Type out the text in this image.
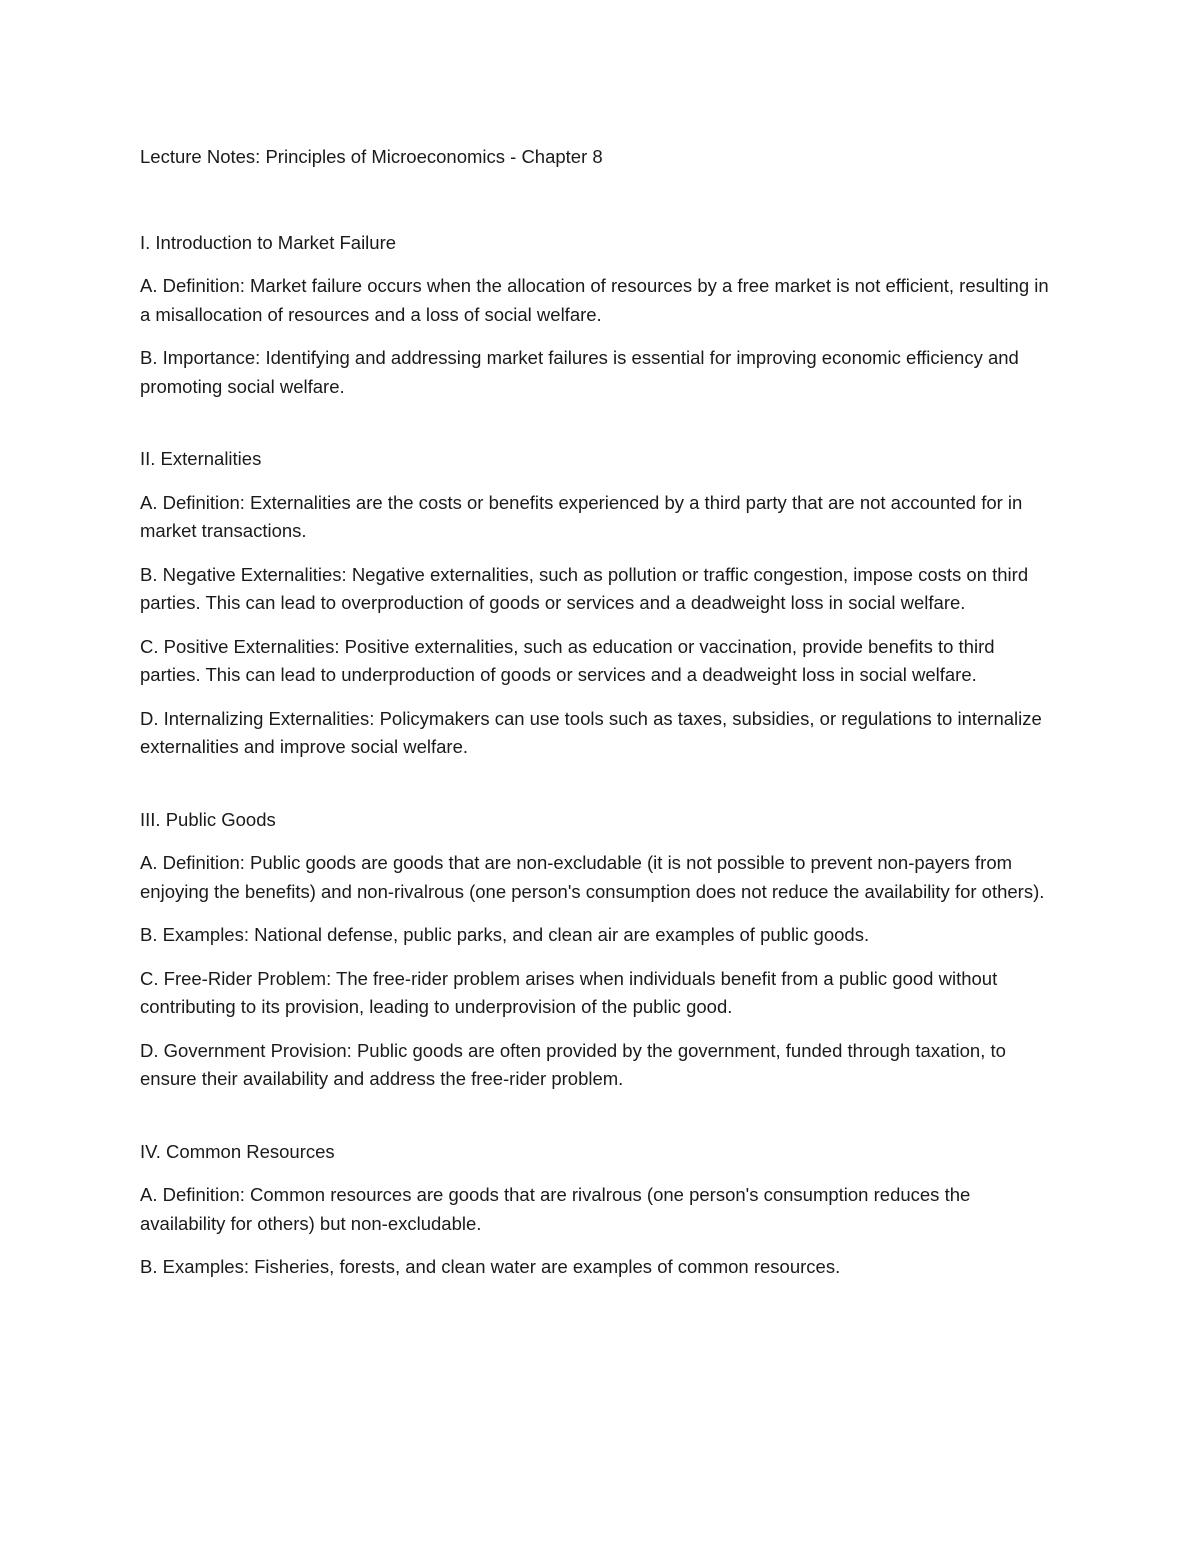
Lecture Notes: Principles of Microeconomics - Chapter 8

I. Introduction to Market Failure

A. Definition: Market failure occurs when the allocation of resources by a free market is not efficient, resulting in a misallocation of resources and a loss of social welfare.

B. Importance: Identifying and addressing market failures is essential for improving economic efficiency and promoting social welfare.

II. Externalities

A. Definition: Externalities are the costs or benefits experienced by a third party that are not accounted for in market transactions.

B. Negative Externalities: Negative externalities, such as pollution or traffic congestion, impose costs on third parties. This can lead to overproduction of goods or services and a deadweight loss in social welfare.

C. Positive Externalities: Positive externalities, such as education or vaccination, provide benefits to third parties. This can lead to underproduction of goods or services and a deadweight loss in social welfare.

D. Internalizing Externalities: Policymakers can use tools such as taxes, subsidies, or regulations to internalize externalities and improve social welfare.

III. Public Goods

A. Definition: Public goods are goods that are non-excludable (it is not possible to prevent non-payers from enjoying the benefits) and non-rivalrous (one person's consumption does not reduce the availability for others).

B. Examples: National defense, public parks, and clean air are examples of public goods.

C. Free-Rider Problem: The free-rider problem arises when individuals benefit from a public good without contributing to its provision, leading to underprovision of the public good.

D. Government Provision: Public goods are often provided by the government, funded through taxation, to ensure their availability and address the free-rider problem.

IV. Common Resources

A. Definition: Common resources are goods that are rivalrous (one person's consumption reduces the availability for others) but non-excludable.

B. Examples: Fisheries, forests, and clean water are examples of common resources.
